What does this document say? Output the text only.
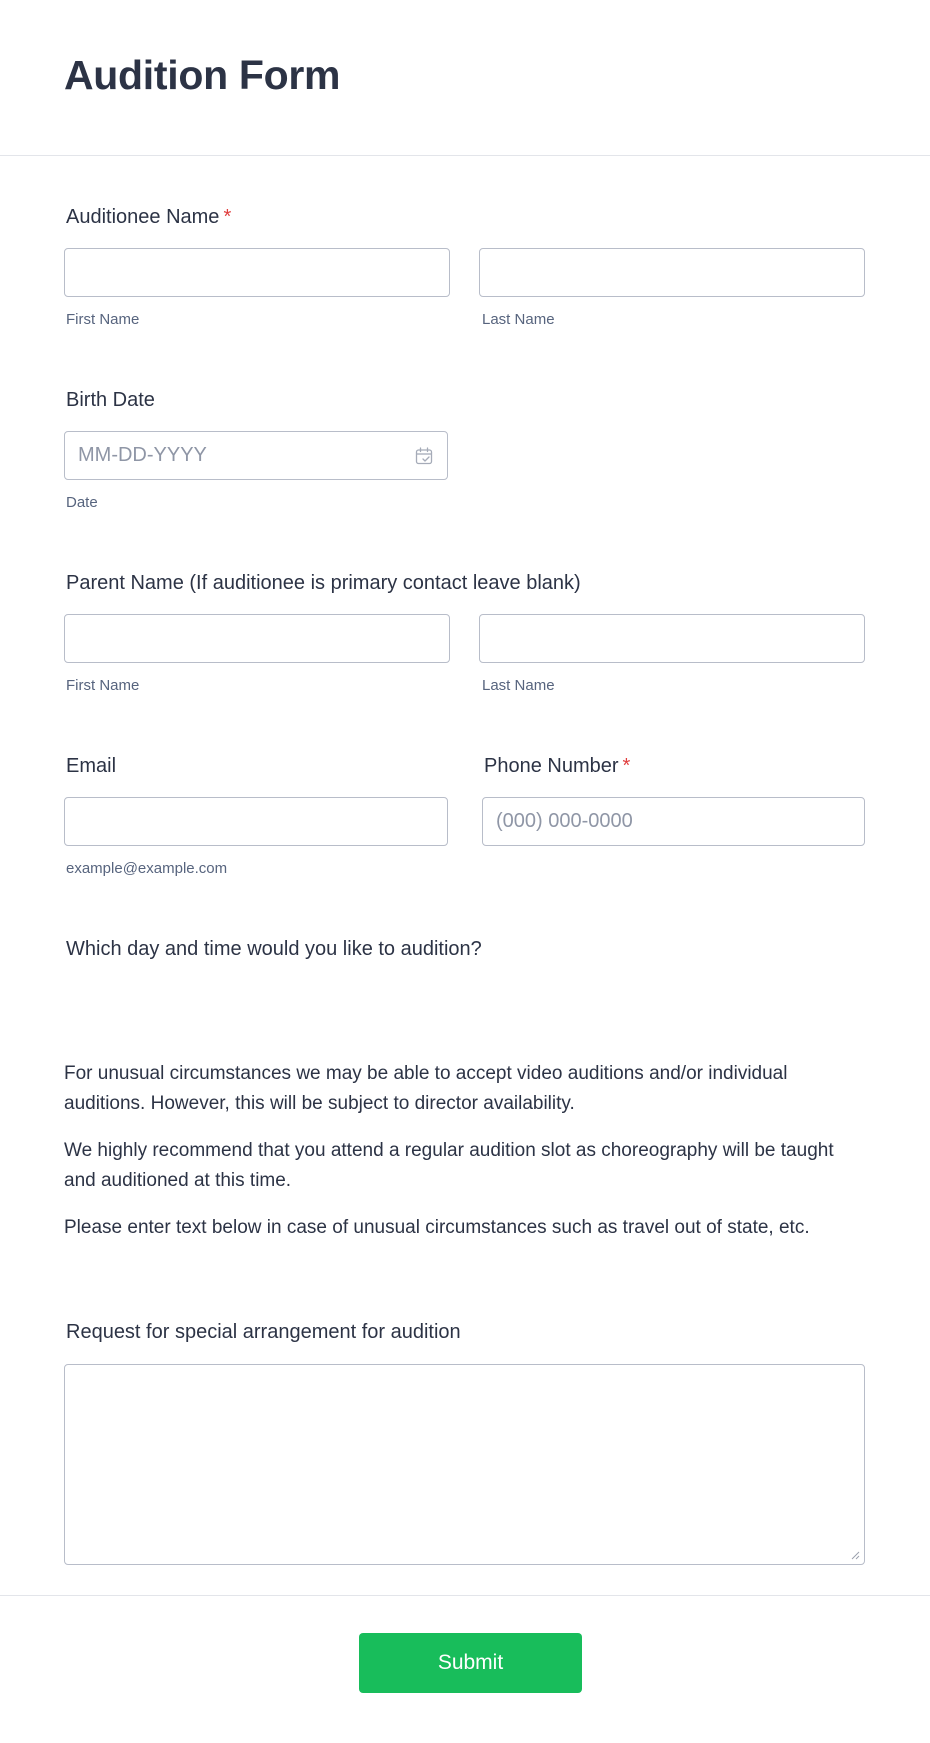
Audition Form
Auditionee Name *
First Name	Last Name
Birth Date
MM-DD-YYYY
Date
Parent Name (If auditionee is primary contact leave blank)
First Name	Last Name
Email
example@example.com
Phone Number *
(000) 000-0000
Which day and time would you like to audition?

For unusual circumstances we may be able to accept video auditions and/or individual auditions. However, this will be subject to director availability.

We highly recommend that you attend a regular audition slot as choreography will be taught and auditioned at this time.

Please enter text below in case of unusual circumstances such as travel out of state, etc.

Request for special arrangement for audition
Submit
